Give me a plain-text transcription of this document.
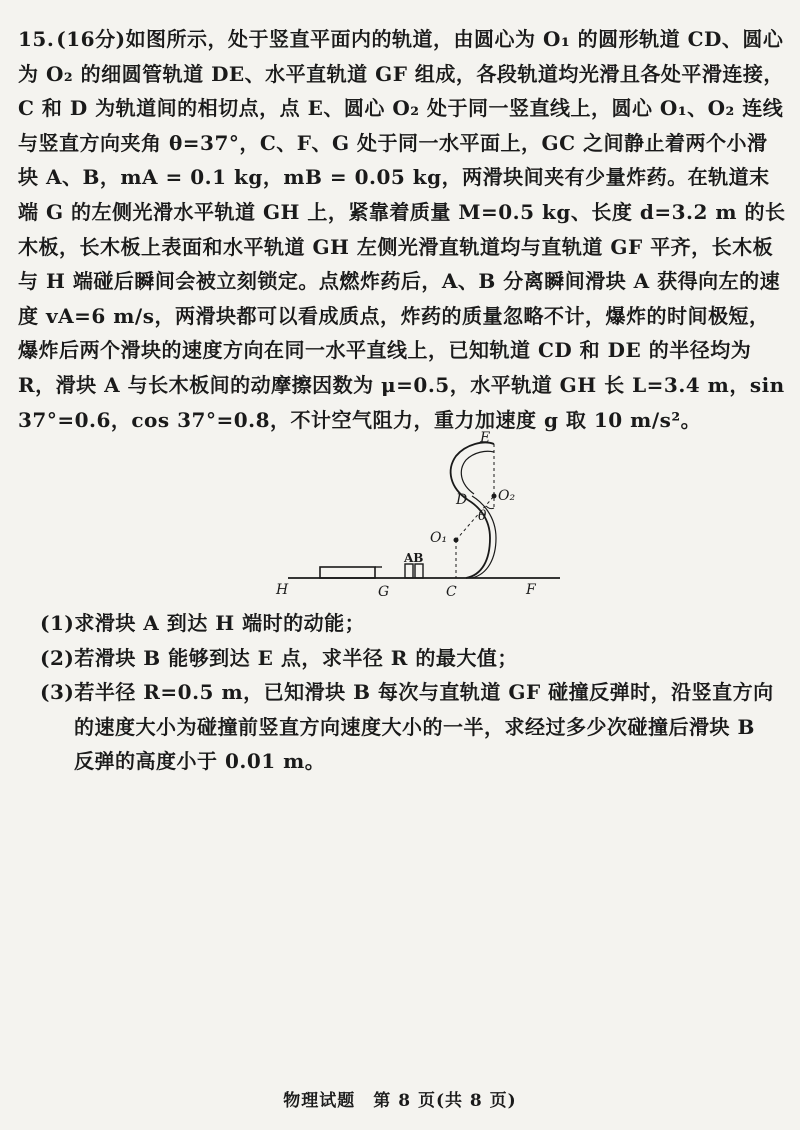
15. (16分)如图所示，处于竖直平面内的轨道，由圆心为 O₁ 的圆形轨道 CD、圆心为 O₂ 的细圆管轨道 DE、水平直轨道 GF 组成，各段轨道均光滑且各处平滑连接，C 和 D 为轨道间的相切点，点 E、圆心 O₂ 处于同一竖直线上，圆心 O₁、O₂ 连线与竖直方向夹角 θ=37°，C、F、G 处于同一水平面上，GC 之间静止着两个小滑块 A、B，mA = 0.1 kg，mB = 0.05 kg，两滑块间夹有少量炸药。在轨道末端 G 的左侧光滑水平轨道 GH 上，紧靠着质量 M=0.5 kg、长度 d=3.2 m 的长木板，长木板上表面和水平轨道 GH 左侧光滑直轨道均与直轨道 GF 平齐，长木板与 H 端碰后瞬间会被立刻锁定。点燃炸药后，A、B 分离瞬间滑块 A 获得向左的速度 vA=6 m/s，两滑块都可以看成质点，炸药的质量忽略不计，爆炸的时间极短，爆炸后两个滑块的速度方向在同一水平直线上，已知轨道 CD 和 DE 的半径均为 R，滑块 A 与长木板间的动摩擦因数为 μ=0.5，水平轨道 GH 长 L=3.4 m，sin 37°=0.6，cos 37°=0.8，不计空气阻力，重力加速度 g 取 10 m/s²。

E
D O₂
O₁
θ
AB
H	G	C	F

(1)求滑块 A 到达 H 端时的动能；

(2)若滑块 B 能够到达 E 点，求半径 R 的最大值；

(3)若半径 R=0.5 m，已知滑块 B 每次与直轨道 GF 碰撞反弹时，沿竖直方向的速度大小为碰撞前竖直方向速度大小的一半，求经过多少次碰撞后滑块 B 反弹的高度小于 0.01 m。

物理试题　第 8 页(共 8 页)
